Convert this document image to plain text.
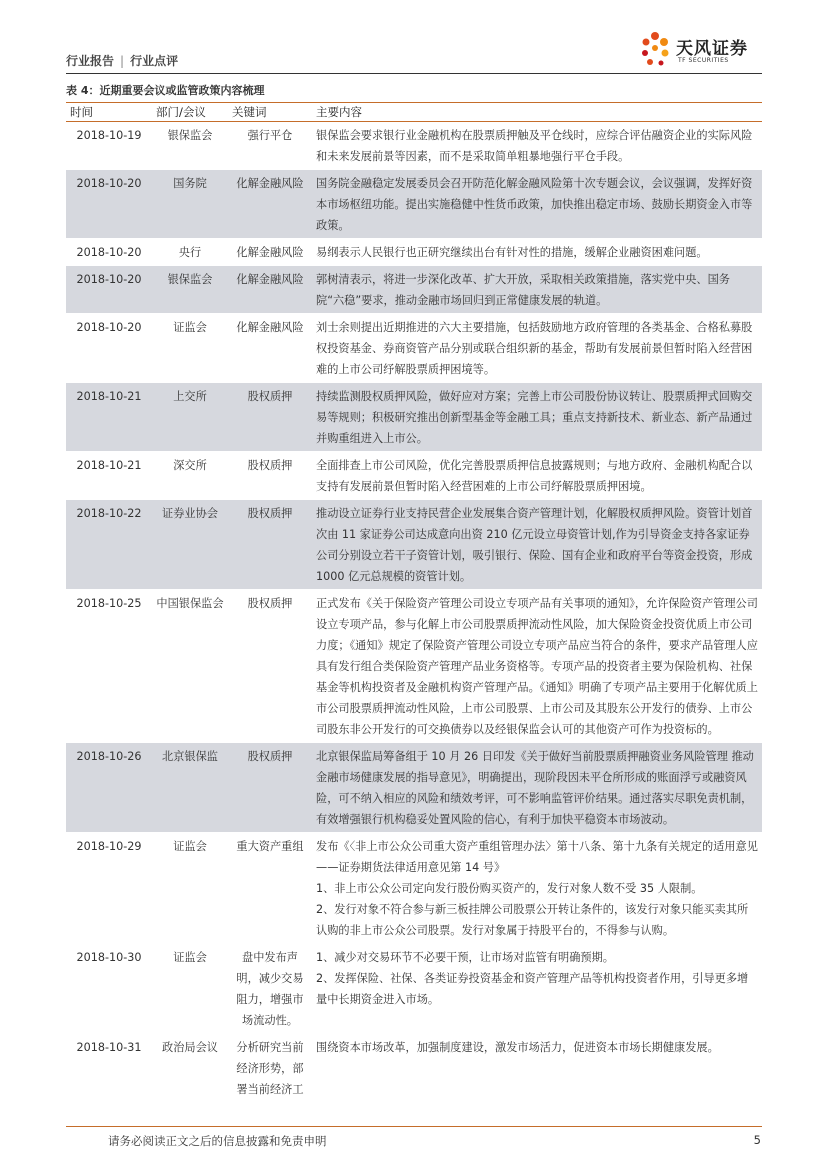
行业报告 | 行业点评
天风证券
TF SECURITIES
表 4：近期重要会议或监管政策内容梳理
时间	部门/会议	关键词	主要内容
2018-10-19	银保监会	强行平仓	银保监会要求银行业金融机构在股票质押触及平仓线时，应综合评估融资企业的实际风险和未来发展前景等因素，而不是采取简单粗暴地强行平仓手段。

2018-10-20	国务院	化解金融风险	国务院金融稳定发展委员会召开防范化解金融风险第十次专题会议，会议强调，发挥好资本市场枢纽功能。提出实施稳健中性货币政策，加快推出稳定市场、鼓励长期资金入市等政策。

2018-10-20	央行	化解金融风险	易纲表示人民银行也正研究继续出台有针对性的措施，缓解企业融资困难问题。

2018-10-20	银保监会	化解金融风险	郭树清表示，将进一步深化改革、扩大开放，采取相关政策措施，落实党中央、国务院“六稳”要求，推动金融市场回归到正常健康发展的轨道。

2018-10-20	证监会	化解金融风险	刘士余则提出近期推进的六大主要措施，包括鼓励地方政府管理的各类基金、合格私募股权投资基金、券商资管产品分别或联合组织新的基金，帮助有发展前景但暂时陷入经营困难的上市公司纾解股票质押困境等。

2018-10-21	上交所	股权质押	持续监测股权质押风险，做好应对方案；完善上市公司股份协议转让、股票质押式回购交易等规则；积极研究推出创新型基金等金融工具；重点支持新技术、新业态、新产品通过并购重组进入上市公。

2018-10-21	深交所	股权质押	全面排查上市公司风险，优化完善股票质押信息披露规则；与地方政府、金融机构配合以支持有发展前景但暂时陷入经营困难的上市公司纾解股票质押困境。

2018-10-22	证券业协会	股权质押	推动设立证券行业支持民营企业发展集合资产管理计划，化解股权质押风险。资管计划首次由 11 家证券公司达成意向出资 210 亿元设立母资管计划,作为引导资金支持各家证券公司分别设立若干子资管计划，吸引银行、保险、国有企业和政府平台等资金投资，形成 1000 亿元总规模的资管计划。

2018-10-25	中国银保监会	股权质押	正式发布《关于保险资产管理公司设立专项产品有关事项的通知》，允许保险资产管理公司设立专项产品，参与化解上市公司股票质押流动性风险，加大保险资金投资优质上市公司力度；《通知》规定了保险资产管理公司设立专项产品应当符合的条件，要求产品管理人应具有发行组合类保险资产管理产品业务资格等。专项产品的投资者主要为保险机构、社保基金等机构投资者及金融机构资产管理产品。《通知》明确了专项产品主要用于化解优质上市公司股票质押流动性风险，上市公司股票、上市公司及其股东公开发行的债券、上市公司股东非公开发行的可交换债券以及经银保监会认可的其他资产可作为投资标的。

2018-10-26	北京银保监	股权质押	北京银保监局筹备组于 10 月 26 日印发《关于做好当前股票质押融资业务风险管理 推动金融市场健康发展的指导意见》，明确提出，现阶段因未平仓所形成的账面浮亏或融资风险，可不纳入相应的风险和绩效考评，可不影响监管评价结果。通过落实尽职免责机制，有效增强银行机构稳妥处置风险的信心，有利于加快平稳资本市场波动。

2018-10-29	证监会	重大资产重组	发布《〈非上市公众公司重大资产重组管理办法〉第十八条、第十九条有关规定的适用意见——证券期货法律适用意见第 14 号》
1、非上市公众公司定向发行股份购买资产的，发行对象人数不受 35 人限制。
2、发行对象不符合参与新三板挂牌公司股票公开转让条件的，该发行对象只能买卖其所认购的非上市公众公司股票。发行对象属于持股平台的，不得参与认购。

2018-10-30	证监会	盘中发布声明，减少交易阻力，增强市场流动性。	1、减少对交易环节不必要干预，让市场对监管有明确预期。
2、发挥保险、社保、各类证券投资基金和资产管理产品等机构投资者作用，引导更多增量中长期资金进入市场。

2018-10-31	政治局会议	分析研究当前经济形势，部署当前经济工	围绕资本市场改革，加强制度建设，激发市场活力，促进资本市场长期健康发展。
请务必阅读正文之后的信息披露和免责申明	5
